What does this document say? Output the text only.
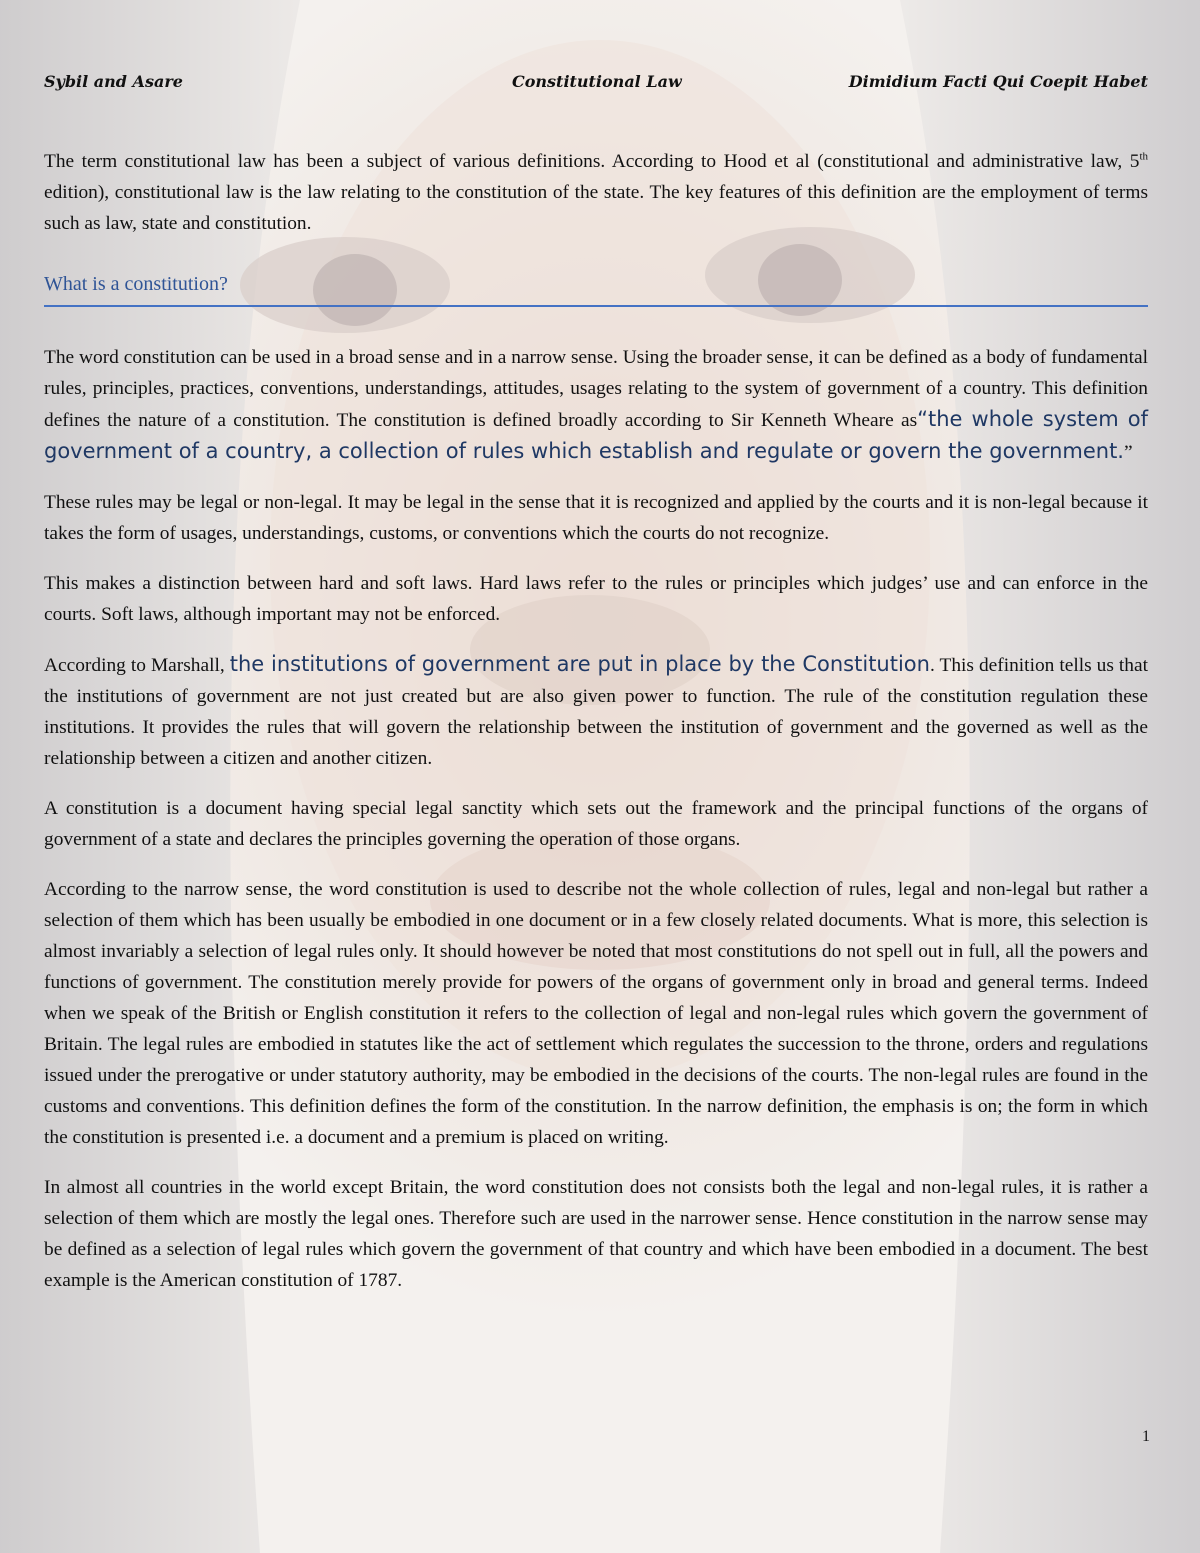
Sybil and Asare	Constitutional Law	Dimidium Facti Qui Coepit Habet

The term constitutional law has been a subject of various definitions. According to Hood et al (constitutional and administrative law, 5th edition), constitutional law is the law relating to the constitution of the state. The key features of this definition are the employment of terms such as law, state and constitution.

What is a constitution?

The word constitution can be used in a broad sense and in a narrow sense. Using the broader sense, it can be defined as a body of fundamental rules, principles, practices, conventions, understandings, attitudes, usages relating to the system of government of a country. This definition defines the nature of a constitution. The constitution is defined broadly according to Sir Kenneth Wheare as“the whole system of government of a country, a collection of rules which establish and regulate or govern the government.”

These rules may be legal or non-legal. It may be legal in the sense that it is recognized and applied by the courts and it is non-legal because it takes the form of usages, understandings, customs, or conventions which the courts do not recognize.

This makes a distinction between hard and soft laws. Hard laws refer to the rules or principles which judges’ use and can enforce in the courts. Soft laws, although important may not be enforced.

According to Marshall, the institutions of government are put in place by the Constitution. This definition tells us that the institutions of government are not just created but are also given power to function. The rule of the constitution regulation these institutions. It provides the rules that will govern the relationship between the institution of government and the governed as well as the relationship between a citizen and another citizen.

A constitution is a document having special legal sanctity which sets out the framework and the principal functions of the organs of government of a state and declares the principles governing the operation of those organs.

According to the narrow sense, the word constitution is used to describe not the whole collection of rules, legal and non-legal but rather a selection of them which has been usually be embodied in one document or in a few closely related documents. What is more, this selection is almost invariably a selection of legal rules only. It should however be noted that most constitutions do not spell out in full, all the powers and functions of government. The constitution merely provide for powers of the organs of government only in broad and general terms. Indeed when we speak of the British or English constitution it refers to the collection of legal and non-legal rules which govern the government of Britain. The legal rules are embodied in statutes like the act of settlement which regulates the succession to the throne, orders and regulations issued under the prerogative or under statutory authority, may be embodied in the decisions of the courts. The non-legal rules are found in the customs and conventions. This definition defines the form of the constitution. In the narrow definition, the emphasis is on; the form in which the constitution is presented i.e. a document and a premium is placed on writing.

In almost all countries in the world except Britain, the word constitution does not consists both the legal and non-legal rules, it is rather a selection of them which are mostly the legal ones. Therefore such are used in the narrower sense. Hence constitution in the narrow sense may be defined as a selection of legal rules which govern the government of that country and which have been embodied in a document. The best example is the American constitution of 1787.

1
